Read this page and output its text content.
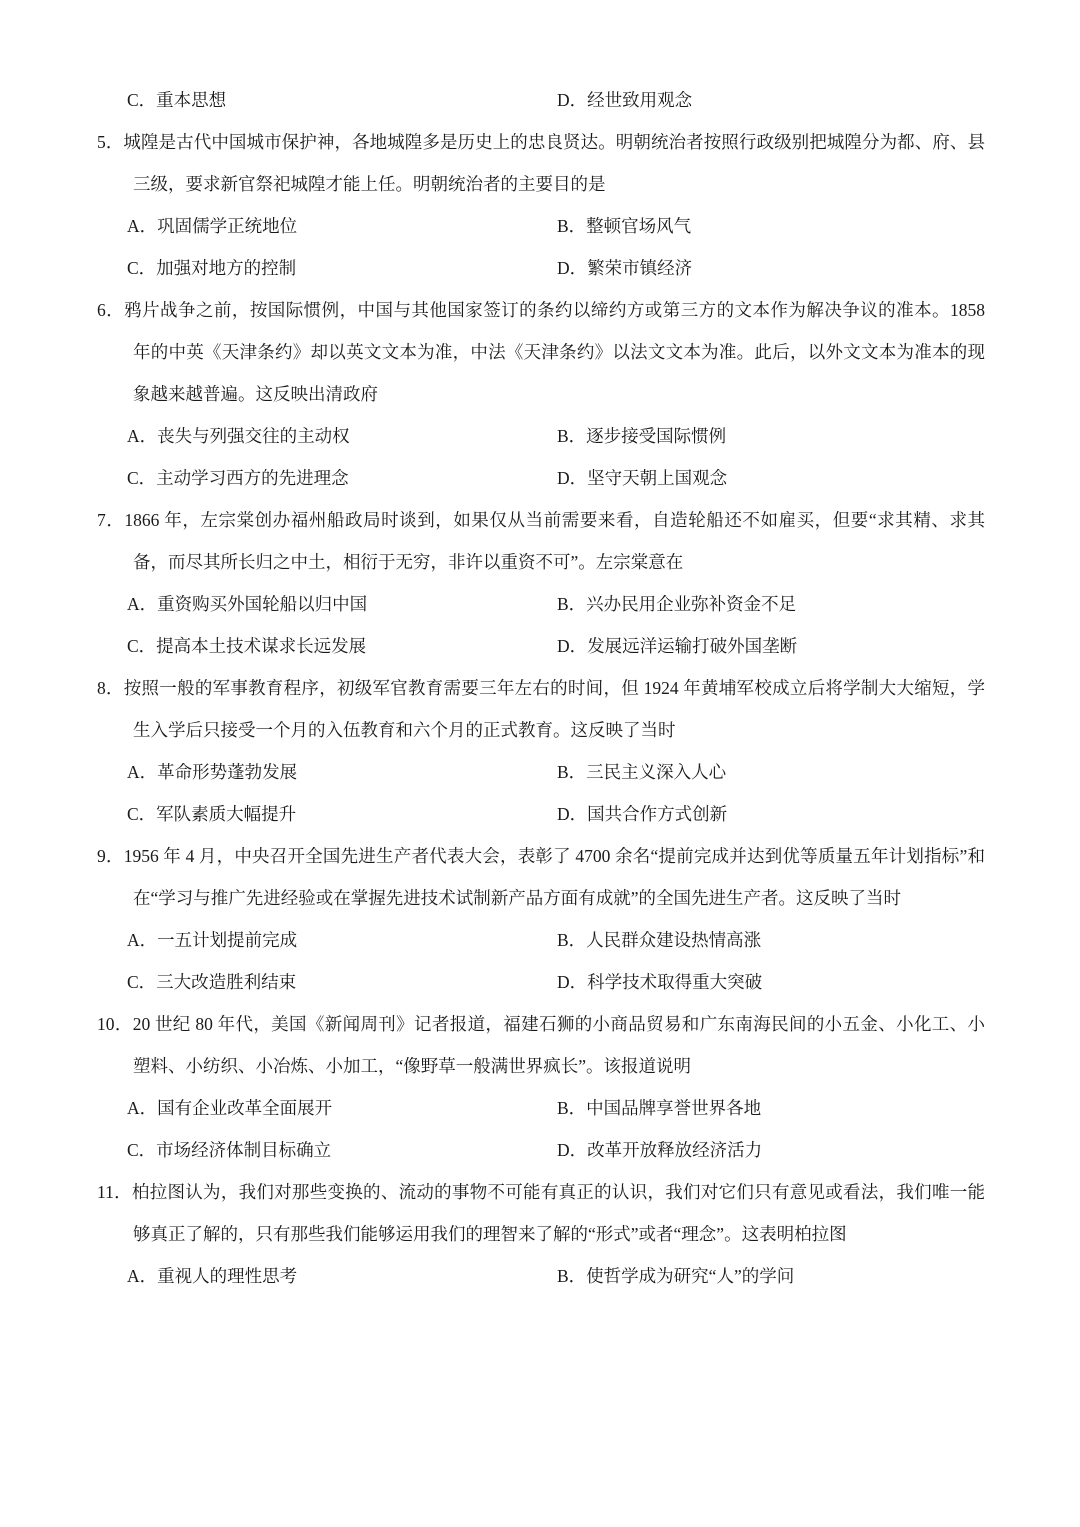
C．重本思想	D．经世致用观念

5．城隍是古代中国城市保护神，各地城隍多是历史上的忠良贤达。明朝统治者按照行政级别把城隍分为都、府、县三级，要求新官祭祀城隍才能上任。明朝统治者的主要目的是

A．巩固儒学正统地位	B．整顿官场风气
C．加强对地方的控制	D．繁荣市镇经济

6．鸦片战争之前，按国际惯例，中国与其他国家签订的条约以缔约方或第三方的文本作为解决争议的准本。1858 年的中英《天津条约》却以英文文本为准，中法《天津条约》以法文文本为准。此后，以外文文本为准本的现象越来越普遍。这反映出清政府

A．丧失与列强交往的主动权	B．逐步接受国际惯例
C．主动学习西方的先进理念	D．坚守天朝上国观念

7．1866 年，左宗棠创办福州船政局时谈到，如果仅从当前需要来看，自造轮船还不如雇买，但要“求其精、求其备，而尽其所长归之中土，相衍于无穷，非许以重资不可”。左宗棠意在

A．重资购买外国轮船以归中国	B．兴办民用企业弥补资金不足
C．提高本土技术谋求长远发展	D．发展远洋运输打破外国垄断

8．按照一般的军事教育程序，初级军官教育需要三年左右的时间，但 1924 年黄埔军校成立后将学制大大缩短，学生入学后只接受一个月的入伍教育和六个月的正式教育。这反映了当时

A．革命形势蓬勃发展	B．三民主义深入人心
C．军队素质大幅提升	D．国共合作方式创新

9．1956 年 4 月，中央召开全国先进生产者代表大会，表彰了 4700 余名“提前完成并达到优等质量五年计划指标”和在“学习与推广先进经验或在掌握先进技术试制新产品方面有成就”的全国先进生产者。这反映了当时

A．一五计划提前完成	B．人民群众建设热情高涨
C．三大改造胜利结束	D．科学技术取得重大突破

10．20 世纪 80 年代，美国《新闻周刊》记者报道，福建石狮的小商品贸易和广东南海民间的小五金、小化工、小塑料、小纺织、小冶炼、小加工，“像野草一般满世界疯长”。该报道说明

A．国有企业改革全面展开	B．中国品牌享誉世界各地
C．市场经济体制目标确立	D．改革开放释放经济活力

11．柏拉图认为，我们对那些变换的、流动的事物不可能有真正的认识，我们对它们只有意见或看法，我们唯一能够真正了解的，只有那些我们能够运用我们的理智来了解的“形式”或者“理念”。这表明柏拉图

A．重视人的理性思考	B．使哲学成为研究“人”的学问
